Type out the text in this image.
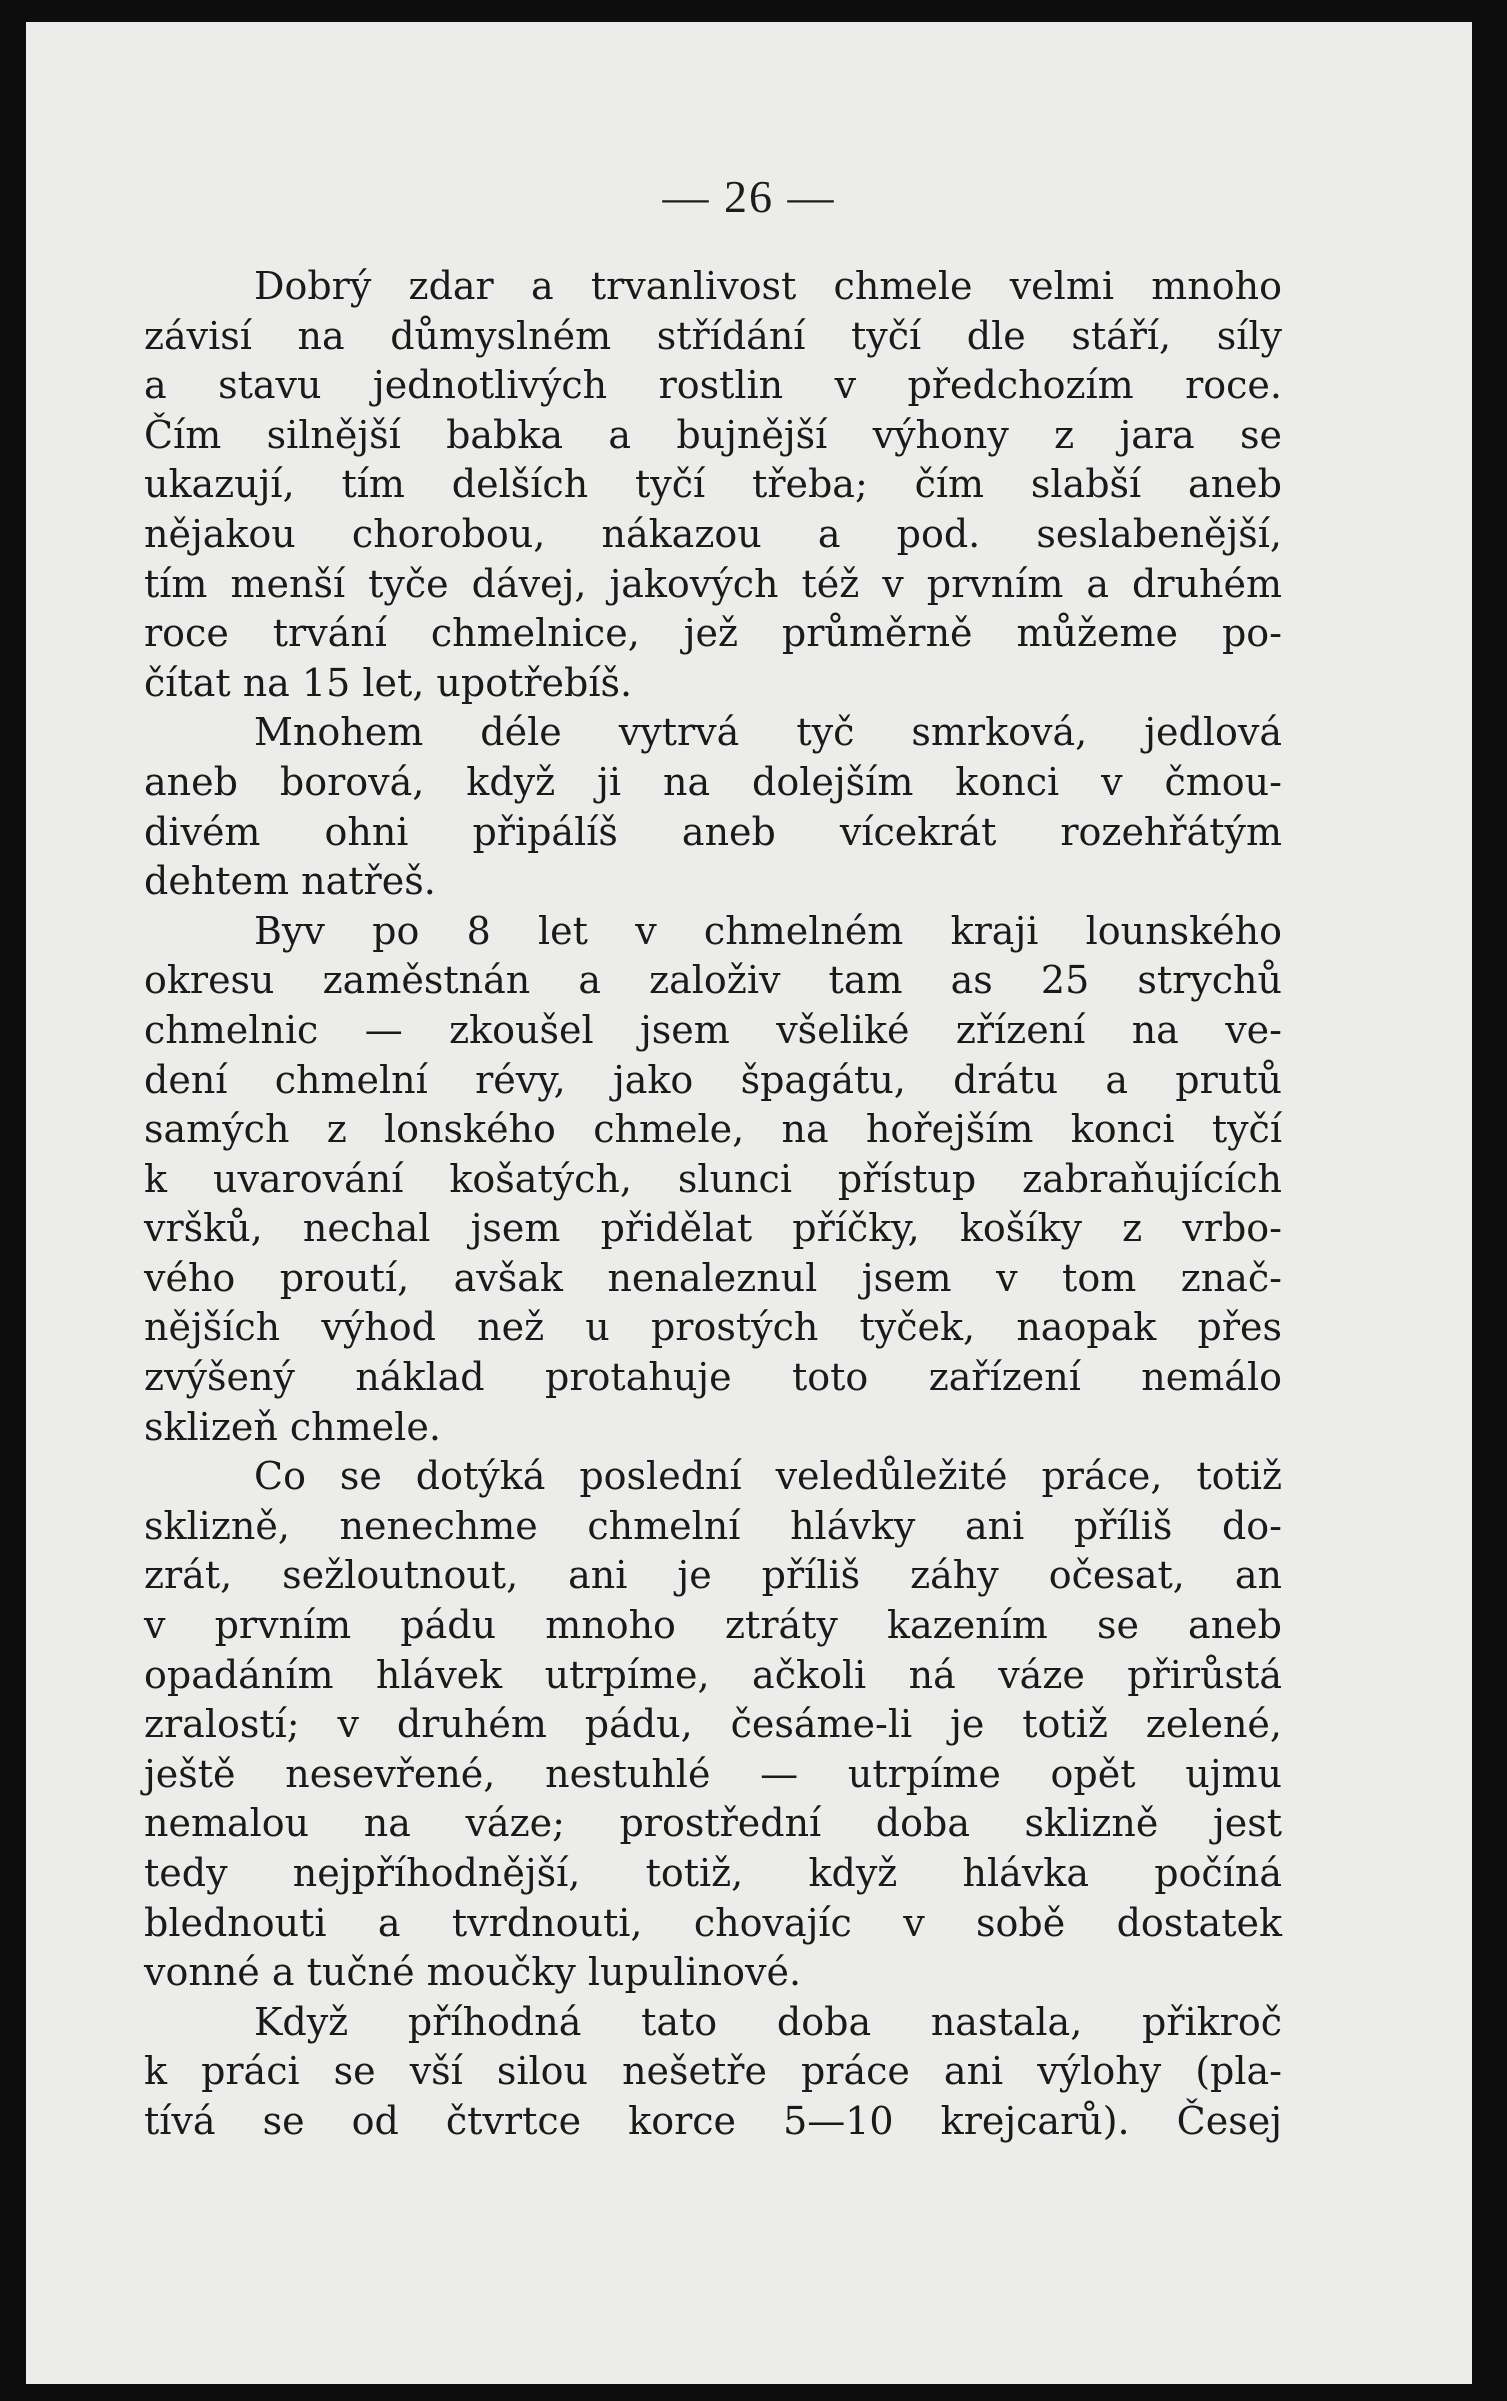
— 26 —
Dobrý zdar a trvanlivost chmele velmi mnoho
závisí na důmyslném střídání tyčí dle stáří, síly
a stavu jednotlivých rostlin v předchozím roce.
Čím silnější babka a bujnější výhony z jara se
ukazují, tím delších tyčí třeba; čím slabší aneb
nějakou chorobou, nákazou a pod. seslabenější,
tím menší tyče dávej, jakových též v prvním a druhém
roce trvání chmelnice, jež průměrně můžeme po-
čítat na 15 let, upotřebíš.
Mnohem déle vytrvá tyč smrková, jedlová
aneb borová, když ji na dolejším konci v čmou-
divém ohni připálíš aneb vícekrát rozehřátým
dehtem natřeš.
Byv po 8 let v chmelném kraji lounského
okresu zaměstnán a založiv tam as 25 strychů
chmelnic — zkoušel jsem všeliké zřízení na ve-
dení chmelní révy, jako špagátu, drátu a prutů
samých z lonského chmele, na hořejším konci tyčí
k uvarování košatých, slunci přístup zabraňujících
vršků, nechal jsem přidělat příčky, košíky z vrbo-
vého proutí, avšak nenaleznul jsem v tom znač-
nějších výhod než u prostých tyček, naopak přes
zvýšený náklad protahuje toto zařízení nemálo
sklizeň chmele.
Co se dotýká poslední veledůležité práce, totiž
sklizně, nenechme chmelní hlávky ani příliš do-
zrát, sežloutnout, ani je příliš záhy očesat, an
v prvním pádu mnoho ztráty kazením se aneb
opadáním hlávek utrpíme, ačkoli ná váze přirůstá
zralostí; v druhém pádu, česáme-li je totiž zelené,
ještě nesevřené, nestuhlé — utrpíme opět ujmu
nemalou na váze; prostřední doba sklizně jest
tedy nejpříhodnější, totiž, když hlávka počíná
blednouti a tvrdnouti, chovajíc v sobě dostatek
vonné a tučné moučky lupulinové.
Když příhodná tato doba nastala, přikroč
k práci se vší silou nešetře práce ani výlohy (pla-
tívá se od čtvrtce korce 5—10 krejcarů). Česej
